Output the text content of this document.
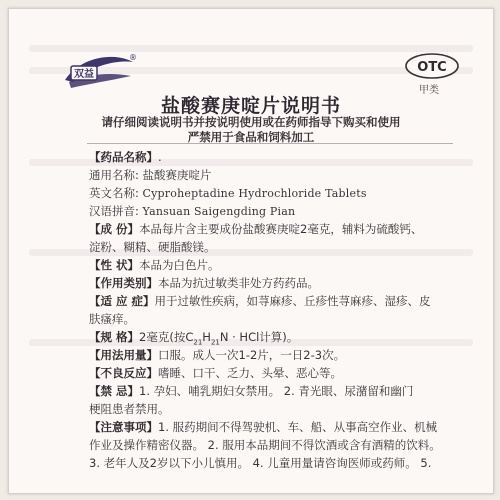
双益
®
OTC
甲类
盐酸赛庚啶片说明书
请仔细阅读说明书并按说明使用或在药师指导下购买和使用
严禁用于食品和饲料加工
【药品名称】.
通用名称: 盐酸赛庚啶片
英文名称: Cyproheptadine Hydrochloride Tablets
汉语拼音: Yansuan Saigengding Pian
【成 份】本品每片含主要成份盐酸赛庚啶2毫克，辅料为硫酸钙、
淀粉、糊精、硬脂酸镁。
【性 状】本品为白色片。
【作用类别】本品为抗过敏类非处方药药品。
【适 应 症】用于过敏性疾病，如荨麻疹、丘疹性荨麻疹、湿疹、皮
肤瘙痒。
【规 格】2毫克(按$C_{21}H_{21}N$ · HCl计算)。
【用法用量】口服。成人一次1-2片，一日2-3次。
【不良反应】嗜睡、口干、乏力、头晕、恶心等。
【禁 忌】1. 孕妇、哺乳期妇女禁用。 2. 青光眼、尿潴留和幽门
梗阻患者禁用。
【注意事项】1. 服药期间不得驾驶机、车、船、从事高空作业、机械
作业及操作精密仪器。 2. 服用本品期间不得饮酒或含有酒精的饮料。
3. 老年人及2岁以下小儿慎用。 4. 儿童用量请咨询医师或药师。 5.
